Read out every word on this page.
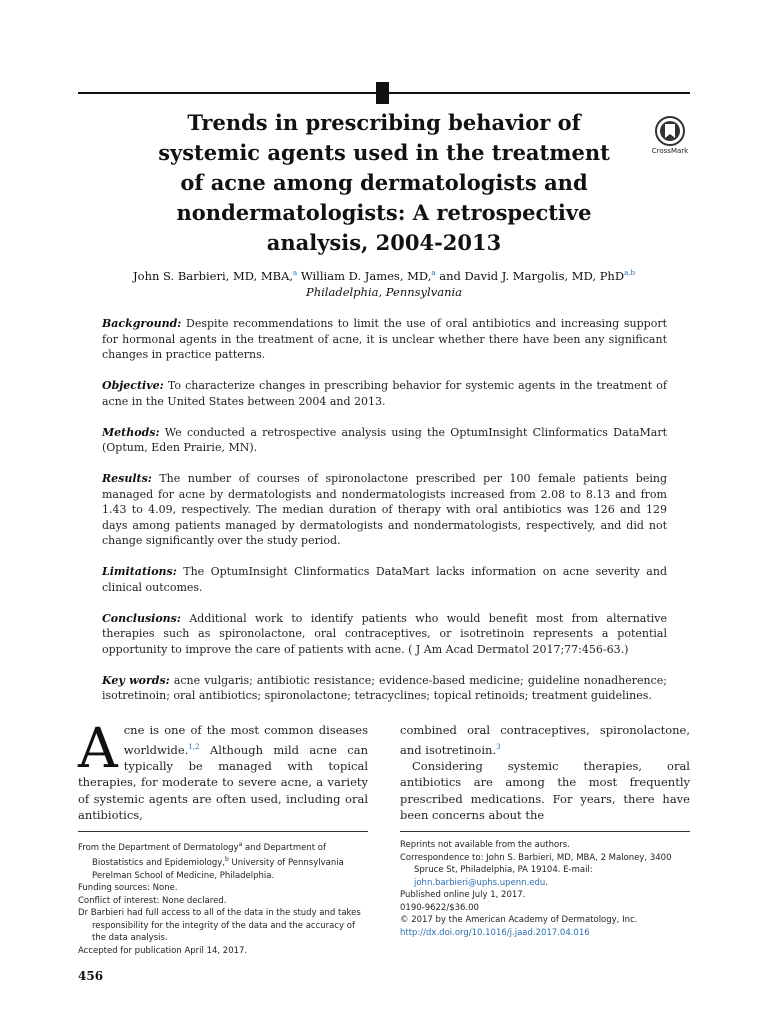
Trends in prescribing behavior of
systemic agents used in the treatment
of acne among dermatologists and
nondermatologists: A retrospective
analysis, 2004-2013
CrossMark
John S. Barbieri, MD, MBA,$^a$ William D. James, MD,$^a$ and David J. Margolis, MD, PhD$^{a,b}$
Philadelphia, Pennsylvania

Background: Despite recommendations to limit the use of oral antibiotics and increasing support for hormonal agents in the treatment of acne, it is unclear whether there have been any significant changes in practice patterns.

Objective: To characterize changes in prescribing behavior for systemic agents in the treatment of acne in the United States between 2004 and 2013.

Methods: We conducted a retrospective analysis using the OptumInsight Clinformatics DataMart (Optum, Eden Prairie, MN).

Results: The number of courses of spironolactone prescribed per 100 female patients being managed for acne by dermatologists and nondermatologists increased from 2.08 to 8.13 and from 1.43 to 4.09, respectively. The median duration of therapy with oral antibiotics was 126 and 129 days among patients managed by dermatologists and nondermatologists, respectively, and did not change significantly over the study period.

Limitations: The OptumInsight Clinformatics DataMart lacks information on acne severity and clinical outcomes.

Conclusions: Additional work to identify patients who would benefit most from alternative therapies such as spironolactone, oral contraceptives, or isotretinoin represents a potential opportunity to improve the care of patients with acne. ( J Am Acad Dermatol 2017;77:456-63.)

Key words: acne vulgaris; antibiotic resistance; evidence-based medicine; guideline nonadherence; isotretinoin; oral antibiotics; spironolactone; tetracyclines; topical retinoids; treatment guidelines.

Acne is one of the most common diseases worldwide.$^{1,2}$ Although mild acne can typically be managed with topical therapies, for moderate to severe acne, a variety of systemic agents are often used, including oral antibiotics,
combined oral contraceptives, spironolactone, and isotretinoin.$^3$
Considering systemic therapies, oral antibiotics are among the most frequently prescribed medications. For years, there have been concerns about the
From the Department of Dermatology$^a$ and Department of Biostatistics and Epidemiology,$^b$ University of Pennsylvania Perelman School of Medicine, Philadelphia.
Funding sources: None.
Conflict of interest: None declared.
Dr Barbieri had full access to all of the data in the study and takes responsibility for the integrity of the data and the accuracy of the data analysis.
Accepted for publication April 14, 2017.
Reprints not available from the authors.
Correspondence to: John S. Barbieri, MD, MBA, 2 Maloney, 3400 Spruce St, Philadelphia, PA 19104. E-mail: john.barbieri@uphs.upenn.edu.
Published online July 1, 2017.
0190-9622/$36.00
© 2017 by the American Academy of Dermatology, Inc.
http://dx.doi.org/10.1016/j.jaad.2017.04.016
456
